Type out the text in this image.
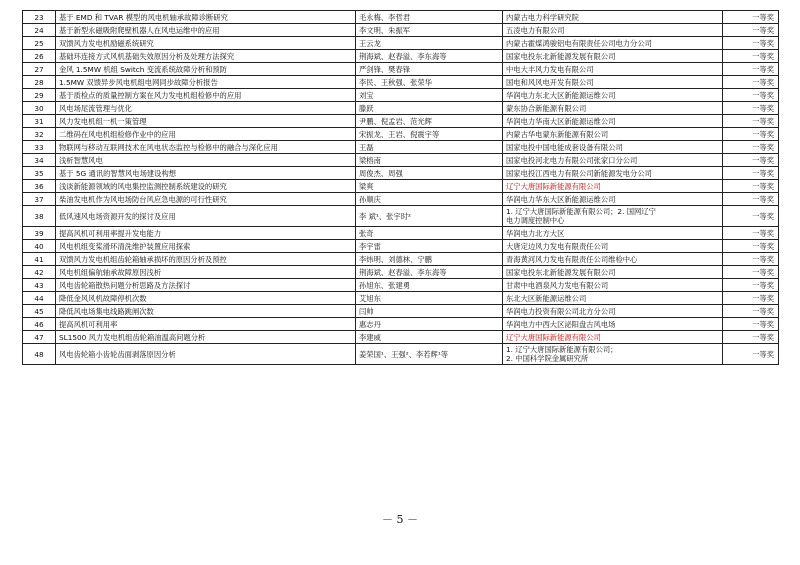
23	基于 EMD 和 TVAR 模型的风电机轴承故障诊断研究	毛永梅、李哲君	内蒙古电力科学研究院	一等奖
24	基于新型永磁吸附爬壁机器人在风电运维中的应用	李文明、朱振军	五凌电力有限公司	一等奖
25	双馈风力发电机励磁系统研究	王云龙	内蒙古霍煤鸿骏铝电有限责任公司电力分公司	一等奖
26	基础环连接方式风机基础失效原因分析及处理方法探究	荆海斌、赵春溢、李东海等	国家电投东北新能源发展有限公司	一等奖
27	金风 1.5MW 机组 Switch 变流系统故障分析和预防	严剑锋、樊春锋	中电大丰风力发电有限公司	一等奖
28	1.5MW 双馈异步风电机组电网同步故障分析报告	李民、王秋强、张荣华	国电和风风电开发有限公司	一等奖
29	基于质检点的质量控制方案在风力发电机组检修中的应用	刘宝	华润电力东北大区新能源运维公司	一等奖
30	风电场尾流管理与优化	滕跃	蒙东协合新能源有限公司	一等奖
31	风力发电机组一机一策管理	尹鹏、倪孟岩、范光辉	华润电力华南大区新能源运维公司	一等奖
32	二维码在风电机组检修作业中的应用	宋振龙、王岩、倪震宇等	内蒙古华电蒙东新能源有限公司	一等奖
33	物联网与移动互联网技术在风电状态监控与检修中的融合与深化应用	王磊	国家电投中国电能成套设备有限公司	一等奖
34	浅析智慧风电	梁榕南	国家电投河北电力有限公司张家口分公司	一等奖
35	基于 5G 通讯的智慧风电场建设构想	周俊杰、周强	国家电投江西电力有限公司新能源发电分公司	一等奖
36	浅谈新能源领域的风电集控监测控制系统建设的研究	梁爽	辽宁大唐国际新能源有限公司	一等奖
37	柴油发电机作为风电场防台风应急电源的可行性研究	孙顺庆	华润电力华东大区新能源运维公司	一等奖
38	低风速风电场资源开发的探讨及应用	李 斌¹、张宇时²	1. 辽宁大唐国际新能源有限公司；2. 国网辽宁
电力调度控制中心	一等奖
39	提高风机可利用率提升发电能力	张奇	华润电力北方大区	一等奖
40	风电机组变桨滑环清洗维护装置应用探索	李宇雷	大唐定边风力发电有限责任公司	一等奖
41	双馈风力发电机组齿轮箱轴承损坏的原因分析及预控	李炜明、刘德林、宁鹏	青海黄河风力发电有限责任公司维检中心	一等奖
42	风电机组偏航轴承故障原因浅析	荆海斌、赵春溢、李东海等	国家电投东北新能源发展有限公司	一等奖
43	风电齿轮箱散热问题分析思路及方法探讨	孙旭东、张建勇	甘肃中电酒泉风力发电有限公司	一等奖
44	降低金风风机故障停机次数	艾旭东	东北大区新能源运维公司	一等奖
45	降低风电场集电线路跳闸次数	闫帅	华润电力投资有限公司北方分公司	一等奖
46	提高风机可利用率	惠志丹	华润电力中西大区泌阳盘古风电场	一等奖
47	SL1500 风力发电机组齿轮箱油温高问题分析	李建威	辽宁大唐国际新能源有限公司	一等奖
48	风电齿轮箱小齿轮齿面剥落原因分析	姜荣国¹、王强²、李若辉¹等	1. 辽宁大唐国际新能源有限公司；
2. 中国科学院金属研究所	一等奖
－ 5 －
